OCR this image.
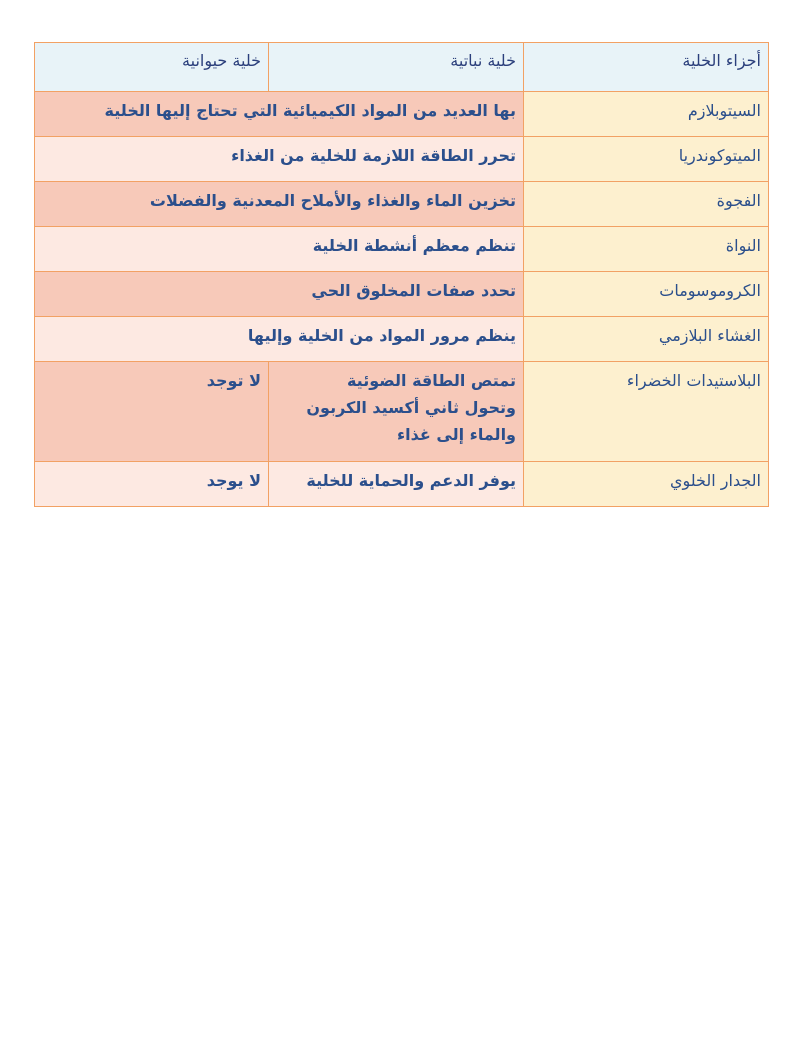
أجزاء الخلية	خلية نباتية	خلية حيوانية
السيتوبلازم	بها العديد من المواد الكيميائية التي تحتاج إليها الخلية	
الميتوكوندريا	تحرر الطاقة اللازمة للخلية من الغذاء	
الفجوة	تخزين الماء والغذاء والأملاح المعدنية والفضلات	
النواة	تنظم معظم أنشطة الخلية	
الكروموسومات	تحدد صفات المخلوق الحي	
الغشاء البلازمي	ينظم مرور المواد من الخلية وإليها	
البلاستيدات الخضراء	تمتص الطاقة الضوئية
وتحول ثاني أكسيد الكربون
والماء إلى غذاء	لا توجد
الجدار الخلوي	يوفر الدعم والحماية للخلية	لا يوجد
